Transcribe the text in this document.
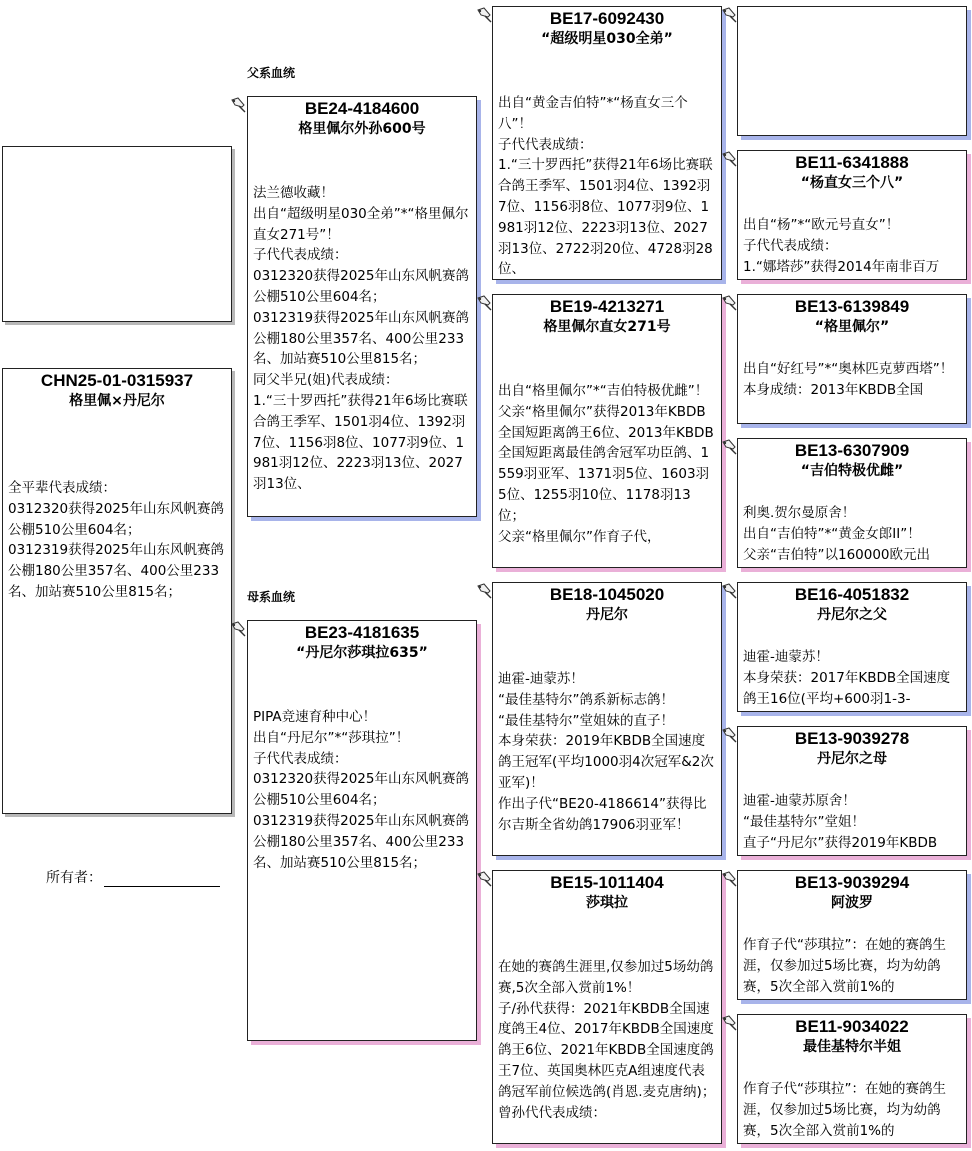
CHN25-01-0315937
格里佩×丹尼尔
全平辈代表成绩：
0312320获得2025年山东风帆赛鸽公棚510公里604名；
0312319获得2025年山东风帆赛鸽公棚180公里357名、400公里233名、加站赛510公里815名；
所有者：
父系血统
母系血统
BE24-4184600
格里佩尔外孙600号
法兰德收藏！
出自“超级明星030全弟”*“格里佩尔直女271号”！
子代代表成绩：
0312320获得2025年山东风帆赛鸽公棚510公里604名；
0312319获得2025年山东风帆赛鸽公棚180公里357名、400公里233名、加站赛510公里815名；
同父半兄(姐)代表成绩：
1.“三十罗西托”获得21年6场比赛联合鸽王季军、1501羽4位、1392羽7位、1156羽8位、1077羽9位、1981羽12位、2223羽13位、2027羽13位、
BE23-4181635
“丹尼尔莎琪拉635”
PIPA竞速育种中心！
出自“丹尼尔”*“莎琪拉”！
子代代表成绩：
0312320获得2025年山东风帆赛鸽公棚510公里604名；
0312319获得2025年山东风帆赛鸽公棚180公里357名、400公里233名、加站赛510公里815名；
BE17-6092430
“超级明星030全弟”
出自“黄金吉伯特”*“杨直女三个八”！
子代代表成绩：
1.“三十罗西托”获得21年6场比赛联合鸽王季军、1501羽4位、1392羽7位、1156羽8位、1077羽9位、1981羽12位、2223羽13位、2027羽13位、2722羽20位、4728羽28位、
BE19-4213271
格里佩尔直女271号
出自“格里佩尔”*“吉伯特极优雌”！
父亲“格里佩尔”获得2013年KBDB全国短距离鸽王6位、2013年KBDB全国短距离最佳鸽舍冠军功臣鸽、1559羽亚军、1371羽5位、1603羽5位、1255羽10位、1178羽13位；
父亲“格里佩尔”作育子代，
BE18-1045020
丹尼尔
迪霍-迪蒙苏！
“最佳基特尔”鸽系新标志鸽！
“最佳基特尔”堂姐妹的直子！
本身荣获：2019年KBDB全国速度鸽王冠军(平均1000羽4次冠军&2次亚军)！
作出子代“BE20-4186614”获得比尔吉斯全省幼鸽17906羽亚军！
BE15-1011404
莎琪拉
在她的赛鸽生涯里,仅参加过5场幼鸽赛,5次全部入赏前1%！
子/孙代获得：2021年KBDB全国速度鸽王4位、2017年KBDB全国速度鸽王6位、2021年KBDB全国速度鸽王7位、英国奥林匹克A组速度代表鸽冠军前位候选鸽(肖恩.麦克唐纳)；
曾孙代代表成绩：
BE11-6341888
“杨直女三个八”
出自“杨”*“欧元号直女”！
子代代表成绩：
1.“娜塔莎”获得2014年南非百万
BE13-6139849
“格里佩尔”
出自“好红号”*“奥林匹克萝西塔”！
本身成绩：2013年KBDB全国
BE13-6307909
“吉伯特极优雌”
利奥.贺尔曼原舍！
出自“吉伯特”*“黄金女郎II”！
父亲“吉伯特”以160000欧元出
BE16-4051832
丹尼尔之父
迪霍-迪蒙苏！
本身荣获：2017年KBDB全国速度鸽王16位(平均+600羽1-3-
BE13-9039278
丹尼尔之母
迪霍-迪蒙苏原舍！
“最佳基特尔”堂姐！
直子“丹尼尔”获得2019年KBDB
BE13-9039294
阿波罗
作育子代“莎琪拉”：在她的赛鸽生涯，仅参加过5场比赛，均为幼鸽赛，5次全部入赏前1%的
BE11-9034022
最佳基特尔半姐
作育子代“莎琪拉”：在她的赛鸽生涯，仅参加过5场比赛，均为幼鸽赛，5次全部入赏前1%的
